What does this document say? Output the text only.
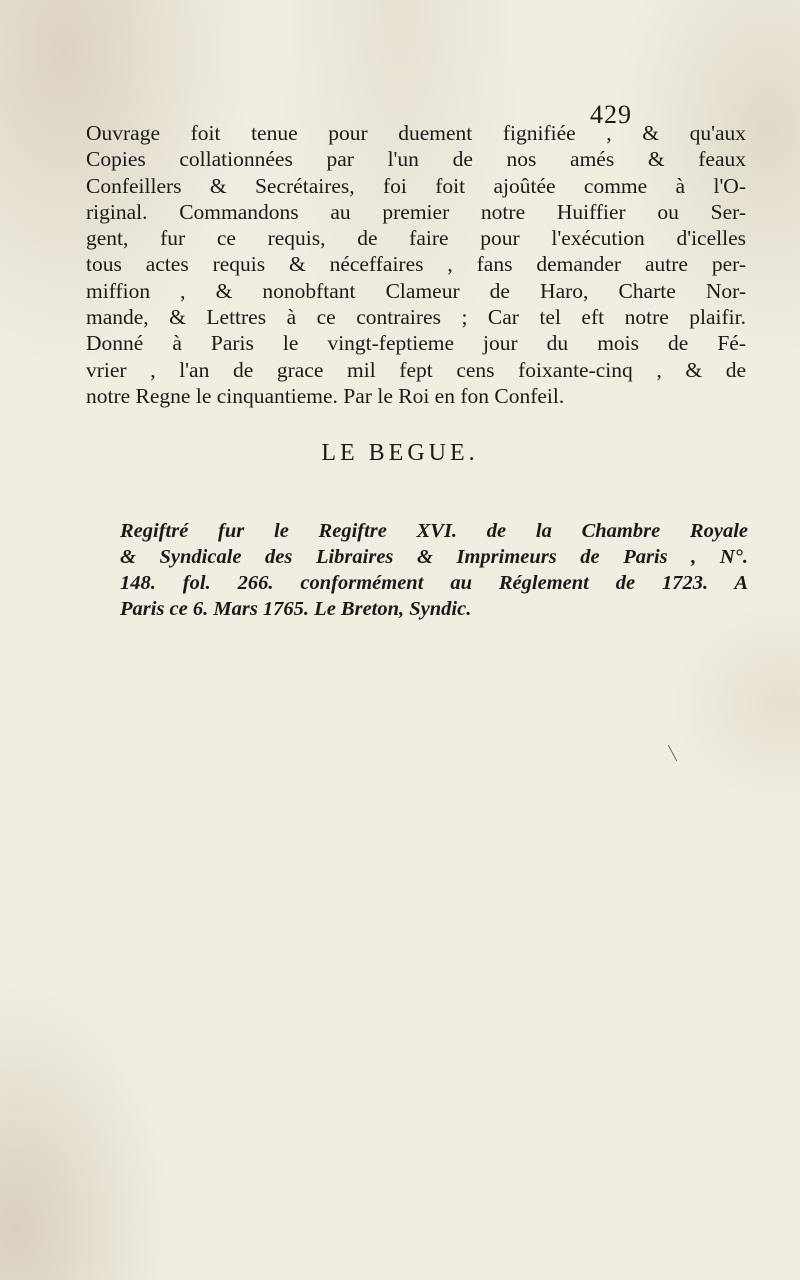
429
Ouvrage foit tenue pour duement fignifiée , & qu'aux
Copies collationnées par l'un de nos amés & feaux
Confeillers & Secrétaires, foi foit ajoûtée comme à l'O-
riginal. Commandons au premier notre Huiffier ou Ser-
gent, fur ce requis, de faire pour l'exécution d'icelles
tous actes requis & néceffaires , fans demander autre per-
miffion , & nonobftant Clameur de Haro, Charte Nor-
mande, & Lettres à ce contraires ; Car tel eft notre plaifir.
Donné à Paris le vingt-feptieme jour du mois de Fé-
vrier , l'an de grace mil fept cens foixante-cinq , & de
notre Regne le cinquantieme. Par le Roi en fon Confeil.
LE BEGUE.
Regiftré fur le Regiftre XVI. de la Chambre Royale
& Syndicale des Libraires & Imprimeurs de Paris , N°.
148. fol. 266. conformément au Réglement de 1723. A
Paris ce 6. Mars 1765. Le Breton, Syndic.
